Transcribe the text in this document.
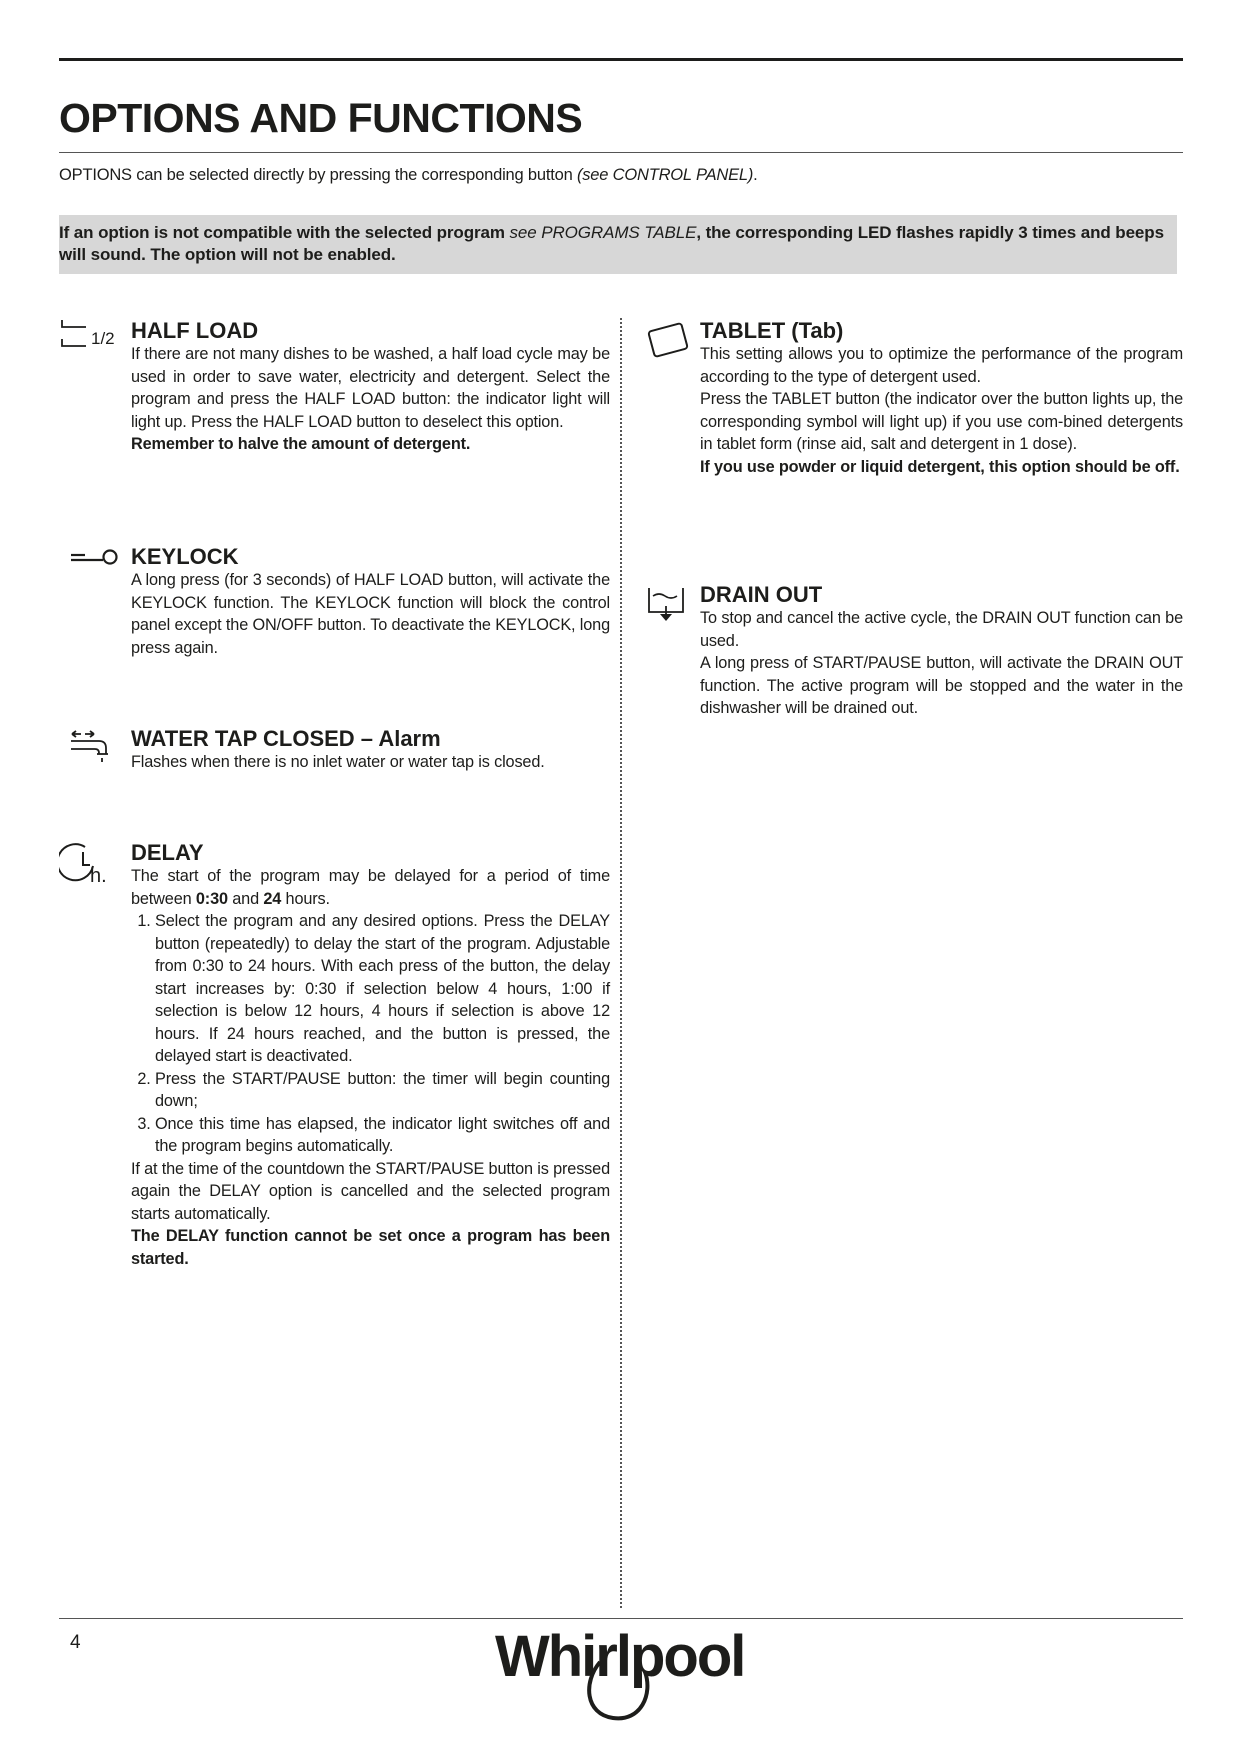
OPTIONS AND FUNCTIONS
OPTIONS can be selected directly by pressing the corresponding button (see CONTROL PANEL).
If an option is not compatible with the selected program see PROGRAMS TABLE, the corresponding LED flashes rapidly 3 times and beeps will sound. The option will not be enabled.
1/2 HALF LOAD

If there are not many dishes to be washed, a half load cycle may be used in order to save water, electricity and detergent. Select the program and press the HALF LOAD button: the indicator light will light up. Press the HALF LOAD button to deselect this option.

Remember to halve the amount of detergent.

KEYLOCK

A long press (for 3 seconds) of HALF LOAD button, will activate the KEYLOCK function. The KEYLOCK function will block the control panel except the ON/OFF button. To deactivate the KEYLOCK, long press again.

WATER TAP CLOSED – Alarm

Flashes when there is no inlet water or water tap is closed.

h.
DELAY

The start of the program may be delayed for a period of time between 0:30 and 24 hours.

1. Select the program and any desired options. Press the DELAY button (repeatedly) to delay the start of the program. Adjustable from 0:30 to 24 hours. With each press of the button, the delay start increases by: 0:30 if selection below 4 hours, 1:00 if selection is below 12 hours, 4 hours if selection is above 12 hours. If 24 hours reached, and the button is pressed, the delayed start is deactivated.
2. Press the START/PAUSE button: the timer will begin counting down;
3. Once this time has elapsed, the indicator light switches off and the program begins automatically.

If at the time of the countdown the START/PAUSE button is pressed again the DELAY option is cancelled and the selected program starts automatically.

The DELAY function cannot be set once a program has been started.

TABLET (Tab)

This setting allows you to optimize the performance of the program according to the type of detergent used.

Press the TABLET button (the indicator over the button lights up, the corresponding symbol will light up) if you use com-bined detergents in tablet form (rinse aid, salt and detergent in 1 dose).

If you use powder or liquid detergent, this option should be off.

DRAIN OUT

To stop and cancel the active cycle, the DRAIN OUT function can be used.

A long press of START/PAUSE button, will activate the DRAIN OUT function. The active program will be stopped and the water in the dishwasher will be drained out.

4	Whirlpool
